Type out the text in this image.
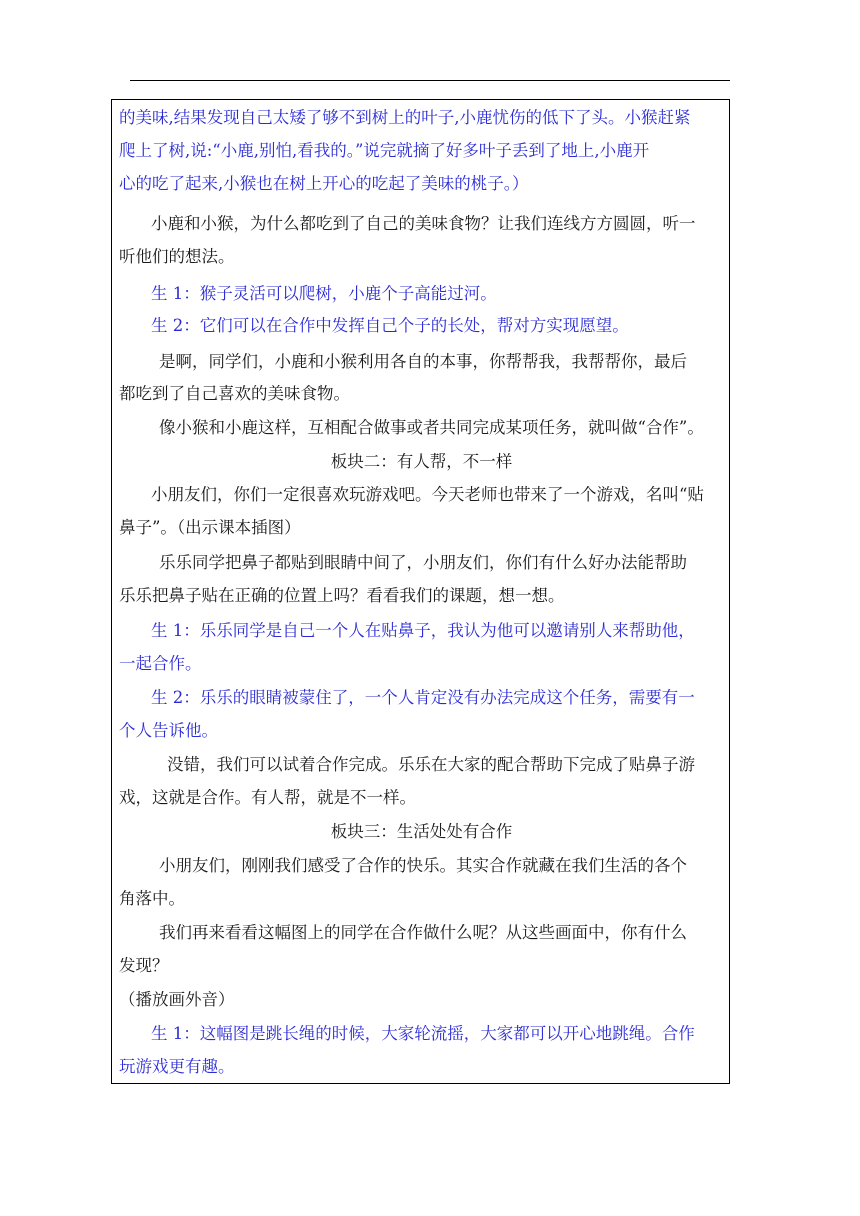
的美味,结果发现自己太矮了够不到树上的叶子,小鹿忧伤的低下了头。小猴赶紧
爬上了树,说:“小鹿,别怕,看我的。”说完就摘了好多叶子丢到了地上,小鹿开
心的吃了起来,小猴也在树上开心的吃起了美味的桃子。）
小鹿和小猴，为什么都吃到了自己的美味食物？让我们连线方方圆圆，听一
听他们的想法。
生 1：猴子灵活可以爬树，小鹿个子高能过河。
生 2：它们可以在合作中发挥自己个子的长处，帮对方实现愿望。
是啊，同学们，小鹿和小猴利用各自的本事，你帮帮我，我帮帮你，最后
都吃到了自己喜欢的美味食物。
像小猴和小鹿这样，互相配合做事或者共同完成某项任务，就叫做“合作”。
板块二：有人帮，不一样
小朋友们，你们一定很喜欢玩游戏吧。今天老师也带来了一个游戏，名叫“贴
鼻子”。（出示课本插图）
乐乐同学把鼻子都贴到眼睛中间了，小朋友们，你们有什么好办法能帮助
乐乐把鼻子贴在正确的位置上吗？看看我们的课题，想一想。
生 1：乐乐同学是自己一个人在贴鼻子，我认为他可以邀请别人来帮助他，
一起合作。
生 2：乐乐的眼睛被蒙住了，一个人肯定没有办法完成这个任务，需要有一
个人告诉他。
没错，我们可以试着合作完成。乐乐在大家的配合帮助下完成了贴鼻子游
戏，这就是合作。有人帮，就是不一样。
板块三：生活处处有合作
小朋友们，刚刚我们感受了合作的快乐。其实合作就藏在我们生活的各个
角落中。
我们再来看看这幅图上的同学在合作做什么呢？从这些画面中，你有什么
发现？
（播放画外音）
生 1：这幅图是跳长绳的时候，大家轮流摇，大家都可以开心地跳绳。合作
玩游戏更有趣。
